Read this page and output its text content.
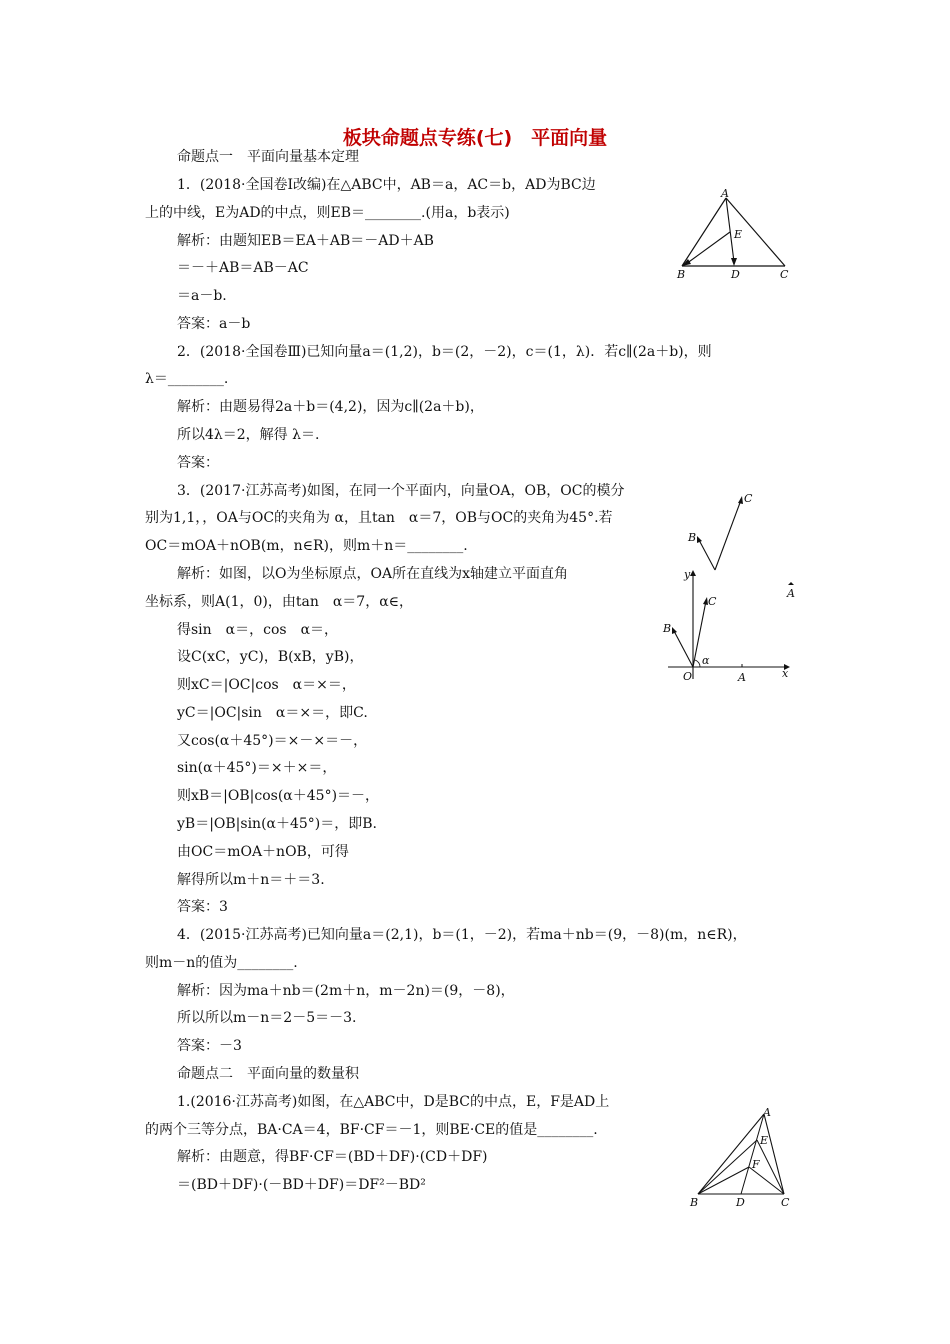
板块命题点专练(七)　平面向量
命题点一　平面向量基本定理
1．(2018·全国卷Ⅰ改编)在△ABC中，AB＝a，AC＝b，AD为BC边
上的中线，E为AD的中点，则EB＝________.(用a，b表示)
解析：由题知EB＝EA＋AB＝－AD＋AB
＝－＋AB＝AB－AC
＝a－b.
答案：a－b
2．(2018·全国卷Ⅲ)已知向量a＝(1,2)，b＝(2，－2)，c＝(1，λ)．若c∥(2a＋b)，则
λ＝________.
解析：由题易得2a＋b＝(4,2)，因为c∥(2a＋b)，
所以4λ＝2，解得 λ＝.
答案：
3．(2017·江苏高考)如图，在同一个平面内，向量OA，OB，OC的模分
别为1,1，，OA与OC的夹角为 α，且tan　α＝7，OB与OC的夹角为45°.若
OC＝mOA＋nOB(m，n∈R)，则m＋n＝________.
解析：如图，以O为坐标原点，OA所在直线为x轴建立平面直角
坐标系，则A(1，0)，由tan　α＝7，α∈，
得sin　α＝，cos　α＝，
设C(xC，yC)，B(xB，yB)，
则xC＝|OC|cos　α＝×＝，
yC＝|OC|sin　α＝×＝，即C.
又cos(α＋45°)＝×－×＝－，
sin(α＋45°)＝×＋×＝，
则xB＝|OB|cos(α＋45°)＝－，
yB＝|OB|sin(α＋45°)＝，即B.
由OC＝mOA＋nOB，可得
解得所以m＋n＝＋＝3.
答案：3
4．(2015·江苏高考)已知向量a＝(2,1)，b＝(1，－2)，若ma＋nb＝(9，－8)(m，n∈R)，
则m－n的值为________.
解析：因为ma＋nb＝(2m＋n，m－2n)＝(9，－8)，
所以所以m－n＝2－5＝－3.
答案：－3
命题点二　平面向量的数量积
1.(2016·江苏高考)如图，在△ABC中，D是BC的中点，E，F是AD上
的两个三等分点，BA·CA＝4，BF·CF＝－1，则BE·CE的值是________.
解析：由题意，得BF·CF＝(BD＋DF)·(CD＋DF)
＝(BD＋DF)·(－BD＋DF)＝DF²－BD²
A
E
B	D	C
C
B
A
y
C
B
α
O	A	x
A
E
F
B	D	C
